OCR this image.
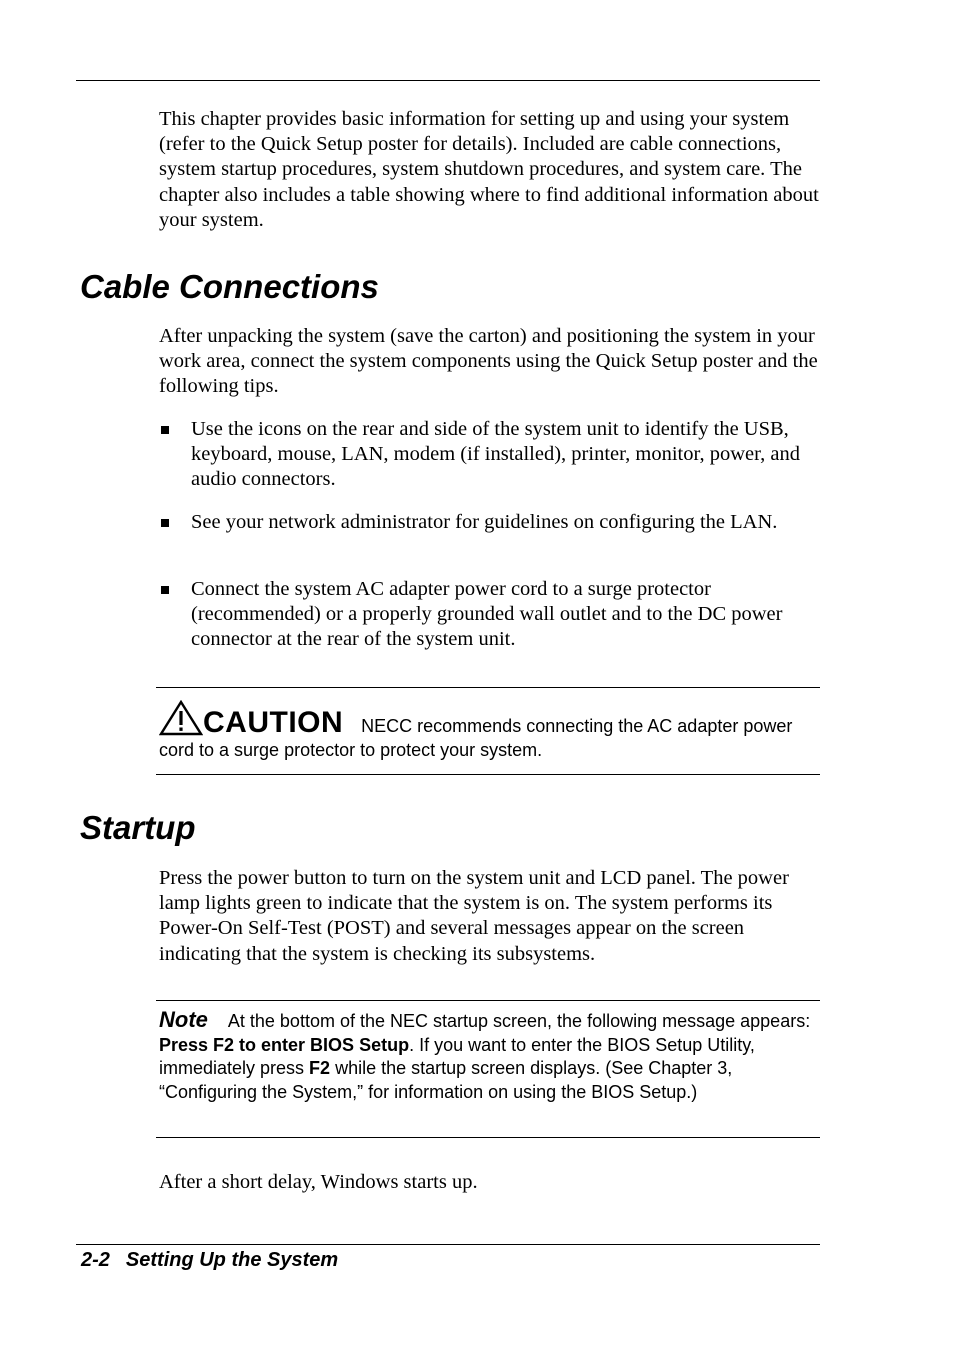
This chapter provides basic information for setting up and using your system (refer to the Quick Setup poster for details). Included are cable connections, system startup procedures, system shutdown procedures, and system care. The chapter also includes a table showing where to find additional information about your system.

Cable Connections

After unpacking the system (save the carton) and positioning the system in your work area, connect the system components using the Quick Setup poster and the following tips.

Use the icons on the rear and side of the system unit to identify the USB, keyboard, mouse, LAN, modem (if installed), printer, monitor, power, and audio connectors.
See your network administrator for guidelines on configuring the LAN.
Connect the system AC adapter power cord to a surge protector (recommended) or a properly grounded wall outlet and to the DC power connector at the rear of the system unit.
CAUTION NECC recommends connecting the AC adapter power cord to a surge protector to protect your system.
Startup

Press the power button to turn on the system unit and LCD panel. The power lamp lights green to indicate that the system is on. The system performs its Power-On Self-Test (POST) and several messages appear on the screen indicating that the system is checking its subsystems.

Note At the bottom of the NEC startup screen, the following message appears: Press F2 to enter BIOS Setup. If you want to enter the BIOS Setup Utility, immediately press F2 while the startup screen displays. (See Chapter 3, “Configuring the System,” for information on using the BIOS Setup.)

After a short delay, Windows starts up.

2-2 Setting Up the System
